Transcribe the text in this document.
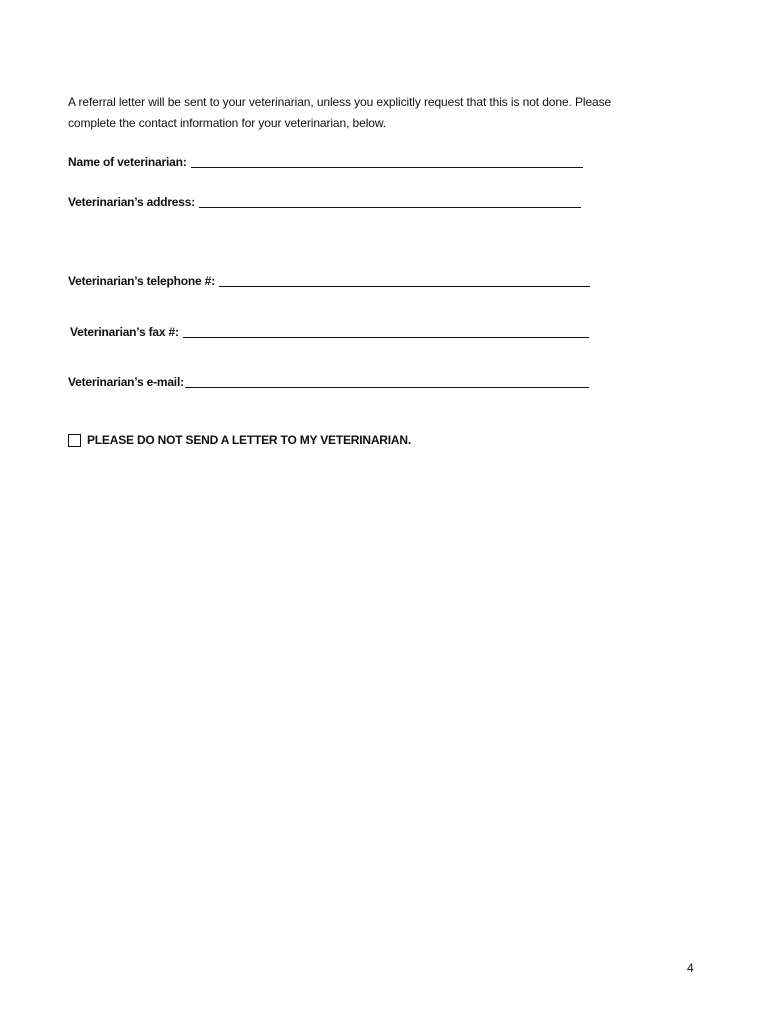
A referral letter will be sent to your veterinarian, unless you explicitly request that this is not done. Please
complete the contact information for your veterinarian, below.
Name of veterinarian:
Veterinarian’s address:
Veterinarian’s telephone #:
Veterinarian’s fax #:
Veterinarian’s e-mail:
PLEASE DO NOT SEND A LETTER TO MY VETERINARIAN.
4
